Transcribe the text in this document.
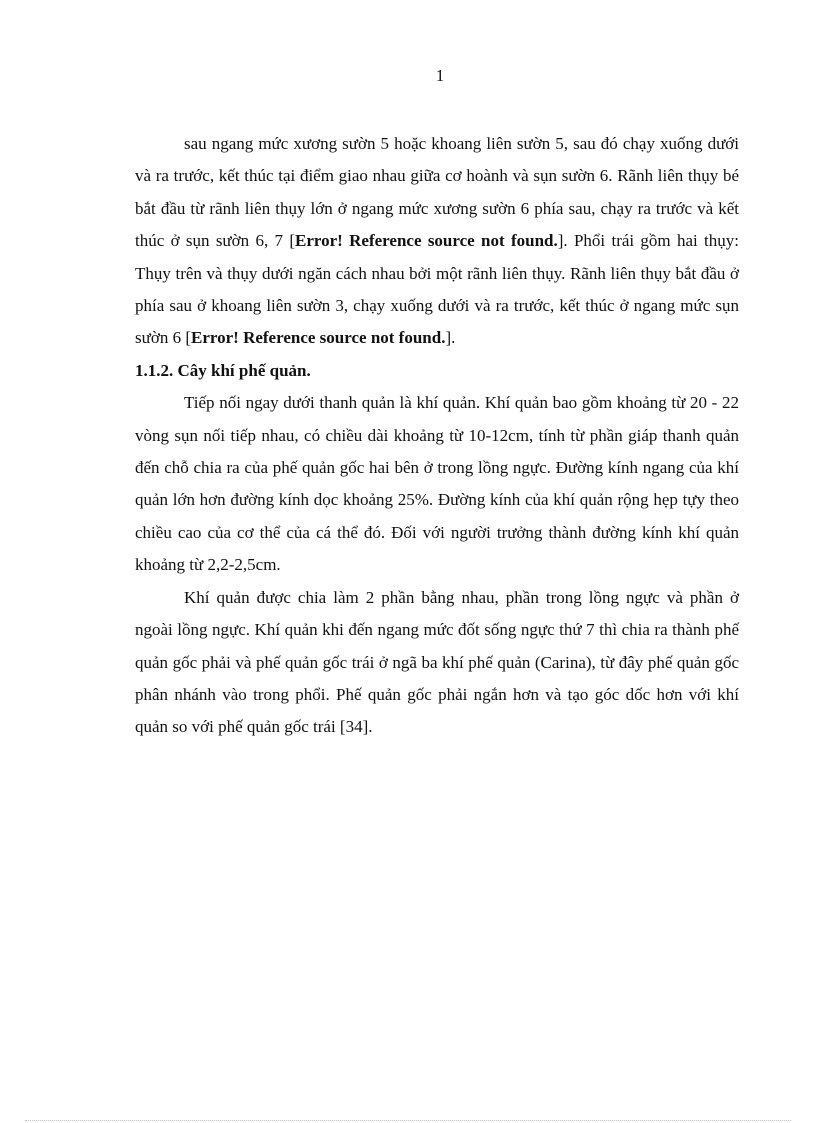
1

sau ngang mức xương sườn 5 hoặc khoang liên sườn 5, sau đó chạy xuống dưới và ra trước, kết thúc tại điểm giao nhau giữa cơ hoành và sụn sườn 6. Rãnh liên thụy bé bắt đầu từ rãnh liên thụy lớn ở ngang mức xương sườn 6 phía sau, chạy ra trước và kết thúc ở sụn sườn 6, 7 [Error! Reference source not found.]. Phổi trái gồm hai thụy: Thụy trên và thụy dưới ngăn cách nhau bởi một rãnh liên thụy. Rãnh liên thụy bắt đầu ở phía sau ở khoang liên sườn 3, chạy xuống dưới và ra trước, kết thúc ở ngang mức sụn sườn 6 [Error! Reference source not found.].

1.1.2. Cây khí phế quản.

Tiếp nối ngay dưới thanh quản là khí quản. Khí quản bao gồm khoảng từ 20 - 22 vòng sụn nối tiếp nhau, có chiều dài khoảng từ 10-12cm, tính từ phần giáp thanh quản đến chỗ chia ra của phế quản gốc hai bên ở trong lồng ngực. Đường kính ngang của khí quản lớn hơn đường kính dọc khoảng 25%. Đường kính của khí quản rộng hẹp tựy theo chiều cao của cơ thể của cá thể đó. Đối với người trưởng thành đường kính khí quản khoảng từ 2,2-2,5cm.

Khí quản được chia làm 2 phần bằng nhau, phần trong lồng ngực và phần ở ngoài lồng ngực. Khí quản khi đến ngang mức đốt sống ngực thứ 7 thì chia ra thành phế quản gốc phải và phế quản gốc trái ở ngã ba khí phế quản (Carina), từ đây phế quản gốc phân nhánh vào trong phổi. Phế quản gốc phải ngắn hơn và tạo góc dốc hơn với khí quản so với phế quản gốc trái [34].
